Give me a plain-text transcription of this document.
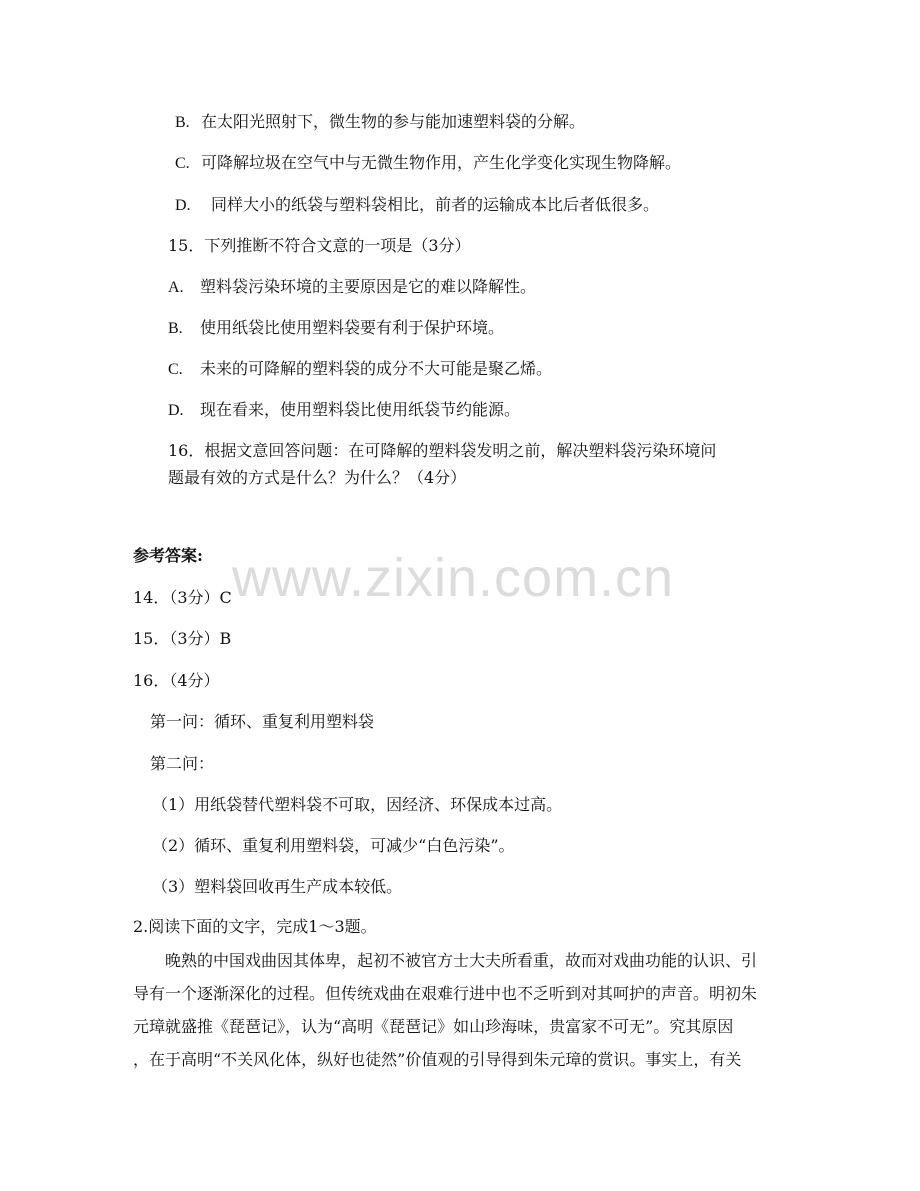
B. 在太阳光照射下，微生物的参与能加速塑料袋的分解。
C. 可降解垃圾在空气中与无微生物作用，产生化学变化实现生物降解。
D. 同样大小的纸袋与塑料袋相比，前者的运输成本比后者低很多。
15．下列推断不符合文意的一项是（3分）
A. 塑料袋污染环境的主要原因是它的难以降解性。
B. 使用纸袋比使用塑料袋要有利于保护环境。
C. 未来的可降解的塑料袋的成分不大可能是聚乙烯。
D. 现在看来，使用塑料袋比使用纸袋节约能源。
16．根据文意回答问题：在可降解的塑料袋发明之前，解决塑料袋污染环境问
题最有效的方式是什么？为什么？（4分）
www.zixin.com.cn
参考答案:
14．（3分）C
15．（3分）B
16．（4分）
第一问：循环、重复利用塑料袋
第二问：
（1）用纸袋替代塑料袋不可取，因经济、环保成本过高。
（2）循环、重复利用塑料袋，可减少“白色污染”。
（3）塑料袋回收再生产成本较低。
2.阅读下面的文字，完成1～3题。
晚熟的中国戏曲因其体卑，起初不被官方士大夫所看重，故而对戏曲功能的认识、引
导有一个逐渐深化的过程。但传统戏曲在艰难行进中也不乏听到对其呵护的声音。明初朱
元璋就盛推《琵琶记》，认为“高明《琵琶记》如山珍海味，贵富家不可无”。究其原因
，在于高明“不关风化体，纵好也徒然”价值观的引导得到朱元璋的赏识。事实上，有关
